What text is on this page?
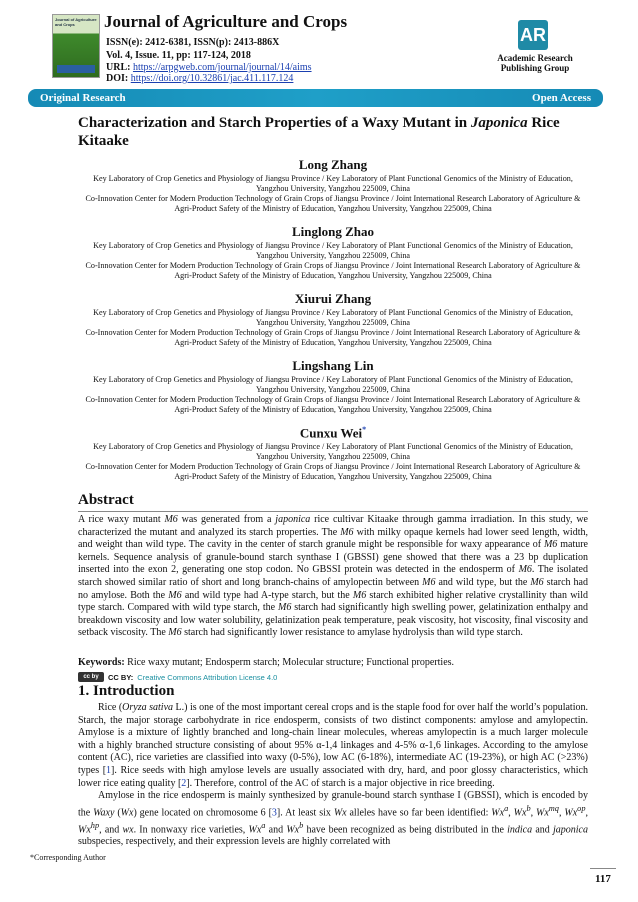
Journal of Agriculture and Crops	Journal of Agriculture and Crops
ISSN(e): 2412-6381, ISSN(p): 2413-886X
Vol. 4, Issue. 11, pp: 117-124, 2018
URL: https://arpgweb.com/journal/journal/14/aims
DOI: https://doi.org/10.32861/jac.411.117.124
AR
Academic Research Publishing Group
Original Research	Open Access
Characterization and Starch Properties of a Waxy Mutant in Japonica Rice Kitaake
Long Zhang
Key Laboratory of Crop Genetics and Physiology of Jiangsu Province / Key Laboratory of Plant Functional Genomics of the Ministry of Education, Yangzhou University, Yangzhou 225009, China
Co-Innovation Center for Modern Production Technology of Grain Crops of Jiangsu Province / Joint International Research Laboratory of Agriculture & Agri-Product Safety of the Ministry of Education, Yangzhou University, Yangzhou 225009, China
Linglong Zhao
Key Laboratory of Crop Genetics and Physiology of Jiangsu Province / Key Laboratory of Plant Functional Genomics of the Ministry of Education, Yangzhou University, Yangzhou 225009, China
Co-Innovation Center for Modern Production Technology of Grain Crops of Jiangsu Province / Joint International Research Laboratory of Agriculture & Agri-Product Safety of the Ministry of Education, Yangzhou University, Yangzhou 225009, China
Xiurui Zhang
Key Laboratory of Crop Genetics and Physiology of Jiangsu Province / Key Laboratory of Plant Functional Genomics of the Ministry of Education, Yangzhou University, Yangzhou 225009, China
Co-Innovation Center for Modern Production Technology of Grain Crops of Jiangsu Province / Joint International Research Laboratory of Agriculture & Agri-Product Safety of the Ministry of Education, Yangzhou University, Yangzhou 225009, China
Lingshang Lin
Key Laboratory of Crop Genetics and Physiology of Jiangsu Province / Key Laboratory of Plant Functional Genomics of the Ministry of Education, Yangzhou University, Yangzhou 225009, China
Co-Innovation Center for Modern Production Technology of Grain Crops of Jiangsu Province / Joint International Research Laboratory of Agriculture & Agri-Product Safety of the Ministry of Education, Yangzhou University, Yangzhou 225009, China
Cunxu Wei*
Key Laboratory of Crop Genetics and Physiology of Jiangsu Province / Key Laboratory of Plant Functional Genomics of the Ministry of Education, Yangzhou University, Yangzhou 225009, China
Co-Innovation Center for Modern Production Technology of Grain Crops of Jiangsu Province / Joint International Research Laboratory of Agriculture & Agri-Product Safety of the Ministry of Education, Yangzhou University, Yangzhou 225009, China
Abstract
A rice waxy mutant M6 was generated from a japonica rice cultivar Kitaake through gamma irradiation. In this study, we characterized the mutant and analyzed its starch properties. The M6 with milky opaque kernels had lower seed length, width, and weight than wild type. The cavity in the center of starch granule might be responsible for waxy appearance of M6 mature kernels. Sequence analysis of granule-bound starch synthase I (GBSSI) gene showed that there was a 23 bp duplication inserted into the exon 2, generating one stop codon. No GBSSI protein was detected in the endosperm of M6. The isolated starch showed similar ratio of short and long branch-chains of amylopectin between M6 and wild type, but the M6 starch had no amylose. Both the M6 and wild type had A-type starch, but the M6 starch exhibited higher relative crystallinity than wild type starch. Compared with wild type starch, the M6 starch had significantly high swelling power, gelatinization enthalpy and breakdown viscosity and low water solubility, gelatinization peak temperature, peak viscosity, hot viscosity, final viscosity and setback viscosity. The M6 starch had significantly lower resistance to amylase hydrolysis than wild type starch.
Keywords: Rice waxy mutant; Endosperm starch; Molecular structure; Functional properties.
cc by	CC BY: Creative Commons Attribution License 4.0
1. Introduction
Rice (Oryza sativa L.) is one of the most important cereal crops and is the staple food for over half the world’s population. Starch, the major storage carbohydrate in rice endosperm, consists of two distinct components: amylose and amylopectin. Amylose is a mixture of lightly branched and long-chain linear molecules, whereas amylopectin is a much larger molecule with a highly branched structure consisting of about 95% α-1,4 linkages and 4-5% α-1,6 linkages. According to the amylose content (AC), rice varieties are classified into waxy (0-5%), low AC (6-18%), intermediate AC (19-23%), or high AC (>23%) types [1]. Rice seeds with high amylose levels are usually associated with dry, hard, and poor glossy characteristics, which lower rice eating quality [2]. Therefore, control of the AC of starch is a major objective in rice breeding.
Amylose in the rice endosperm is mainly synthesized by granule-bound starch synthase I (GBSSI), which is encoded by the Waxy (Wx) gene located on chromosome 6 [3]. At least six Wx alleles have so far been identified: Wx$^a$, Wx$^b$, $Wx^{mq}$, $Wx^{op}$, $Wx^{hp}$, and wx. In nonwaxy rice varieties, Wx$^a$ and Wx$^b$ have been recognized as being distributed in the indica and japonica subspecies, respectively, and their expression levels are highly correlated with
*Corresponding Author
117
